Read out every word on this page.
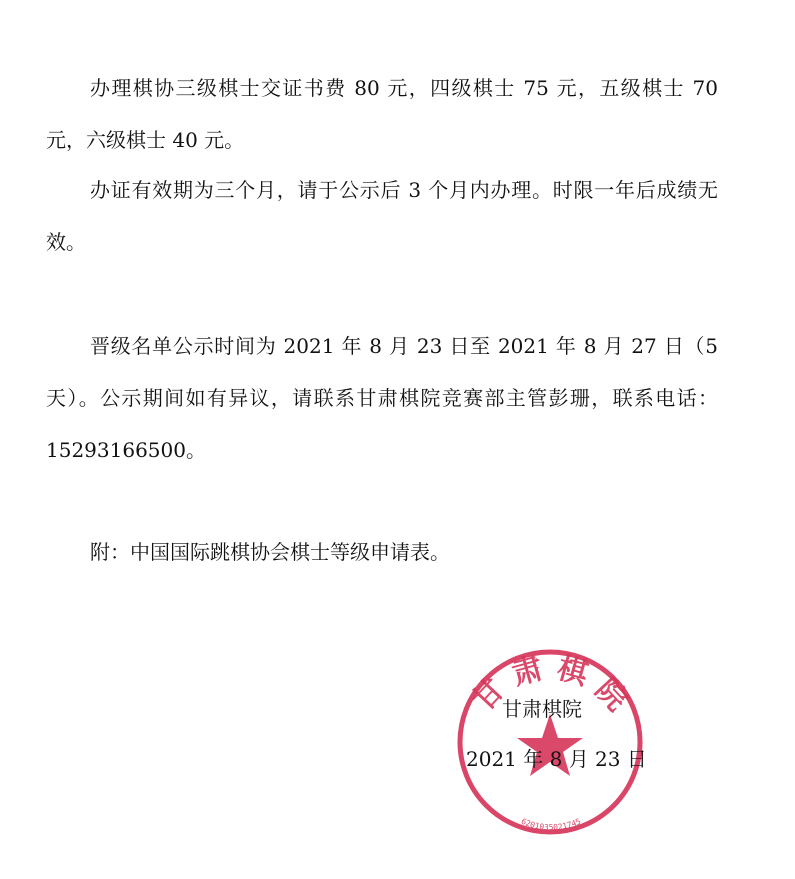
办理棋协三级棋士交证书费 80 元，四级棋士 75 元，五级棋士 70 元，六级棋士 40 元。

办证有效期为三个月，请于公示后 3 个月内办理。时限一年后成绩无效。

晋级名单公示时间为 2021 年 8 月 23 日至 2021 年 8 月 27 日（5 天）。公示期间如有异议，请联系甘肃棋院竞赛部主管彭珊，联系电话：15293166500。

附：中国国际跳棋协会棋士等级申请表。

甘 肃 棋 院
6201035021745
甘肃棋院
2021 年 8 月 23 日
